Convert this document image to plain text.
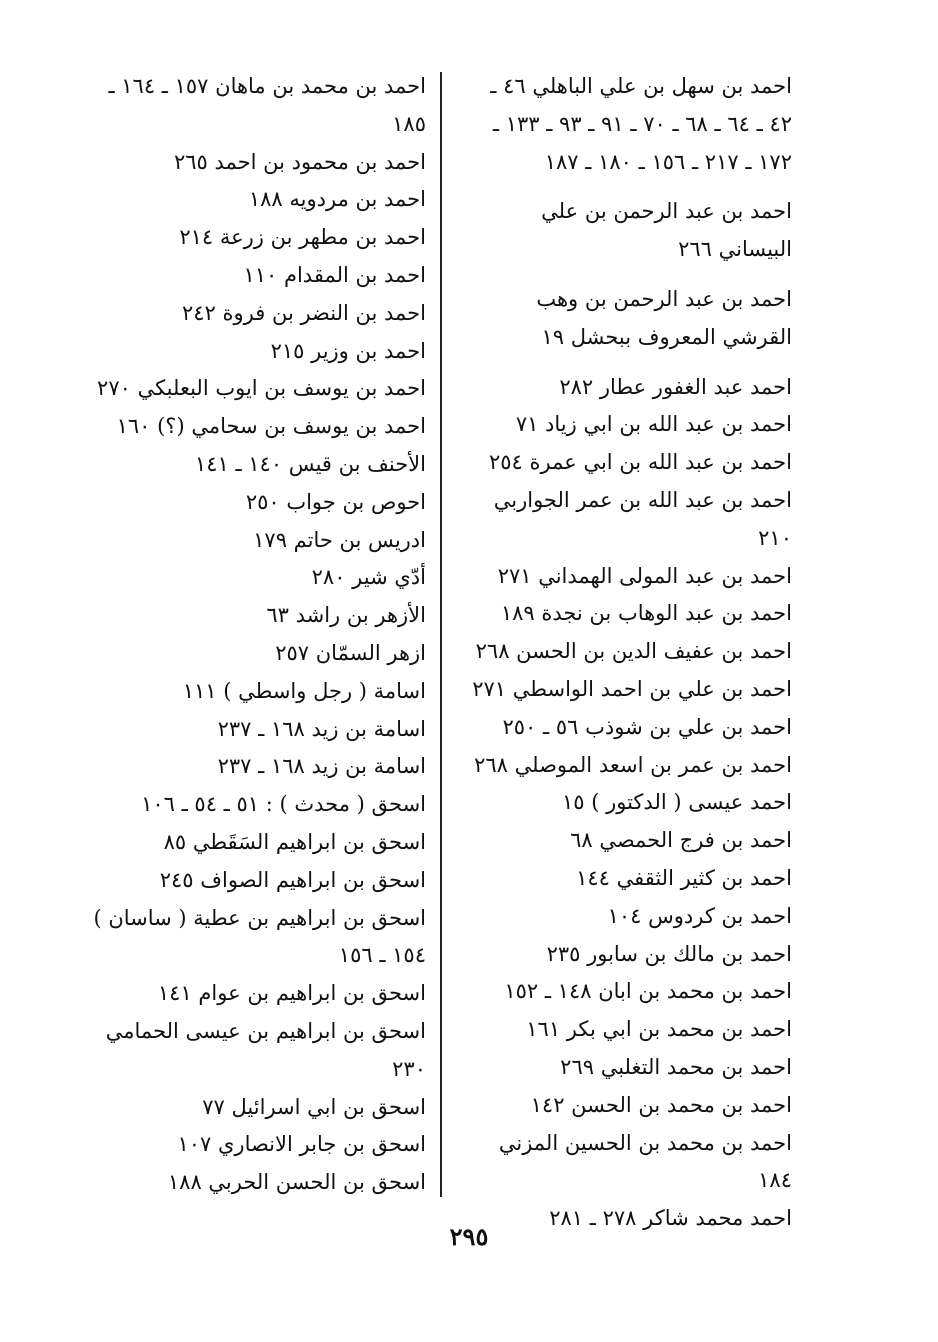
احمد بن سهل بن علي الباهلي ٤٦ ـ ٤٢ ـ ٦٤ ـ ٦٨ ـ ٧٠ ـ ٩١ ـ ٩٣ ـ ١٣٣ ـ ١٧٢ ـ ٢١٧ ـ ١٥٦ ـ ١٨٠ ـ ١٨٧

احمد بن عبد الرحمن بن علي البيساني ٢٦٦

احمد بن عبد الرحمن بن وهب القرشي المعروف ببحشل ١٩

احمد عبد الغفور عطار ٢٨٢

احمد بن عبد الله بن ابي زياد ٧١

احمد بن عبد الله بن ابي عمرة ٢٥٤

احمد بن عبد الله بن عمر الجواربي ٢١٠

احمد بن عبد المولى الهمداني ٢٧١

احمد بن عبد الوهاب بن نجدة ١٨٩

احمد بن عفيف الدين بن الحسن ٢٦٨

احمد بن علي بن احمد الواسطي ٢٧١

احمد بن علي بن شوذب ٥٦ ـ ٢٥٠

احمد بن عمر بن اسعد الموصلي ٢٦٨

احمد عيسى ( الدكتور ) ١٥

احمد بن فرج الحمصي ٦٨

احمد بن كثير الثقفي ١٤٤

احمد بن كردوس ١٠٤

احمد بن مالك بن سابور ٢٣٥

احمد بن محمد بن ابان ١٤٨ ـ ١٥٢

احمد بن محمد بن ابي بكر ١٦١

احمد بن محمد التغلبي ٢٦٩

احمد بن محمد بن الحسن ١٤٢

احمد بن محمد بن الحسين المزني ١٨٤

احمد محمد شاكر ٢٧٨ ـ ٢٨١

احمد بن محمد بن ماهان ١٥٧ ـ ١٦٤ ـ ١٨٥

احمد بن محمود بن احمد ٢٦٥

احمد بن مردويه ١٨٨

احمد بن مطهر بن زرعة ٢١٤

احمد بن المقدام ١١٠

احمد بن النضر بن فروة ٢٤٢

احمد بن وزير ٢١٥

احمد بن يوسف بن ايوب البعلبكي ٢٧٠

احمد بن يوسف بن سحامي (؟) ١٦٠

الأحنف بن قيس ١٤٠ ـ ١٤١

احوص بن جواب ٢٥٠

ادريس بن حاتم ١٧٩

أدّي شير ٢٨٠

الأزهر بن راشد ٦٣

ازهر السمّان ٢٥٧

اسامة ( رجل واسطي ) ١١١

اسامة بن زيد ١٦٨ ـ ٢٣٧

اسامة بن زيد ١٦٨ ـ ٢٣٧

اسحق ( محدث ) : ٥١ ـ ٥٤ ـ ١٠٦

اسحق بن ابراهيم السَقَطي ٨٥

اسحق بن ابراهيم الصواف ٢٤٥

اسحق بن ابراهيم بن عطية ( ساسان ) ١٥٤ ـ ١٥٦

اسحق بن ابراهيم بن عوام ١٤١

اسحق بن ابراهيم بن عيسى الحمامي ٢٣٠

اسحق بن ابي اسرائيل ٧٧

اسحق بن جابر الانصاري ١٠٧

اسحق بن الحسن الحربي ١٨٨

٢٩٥
